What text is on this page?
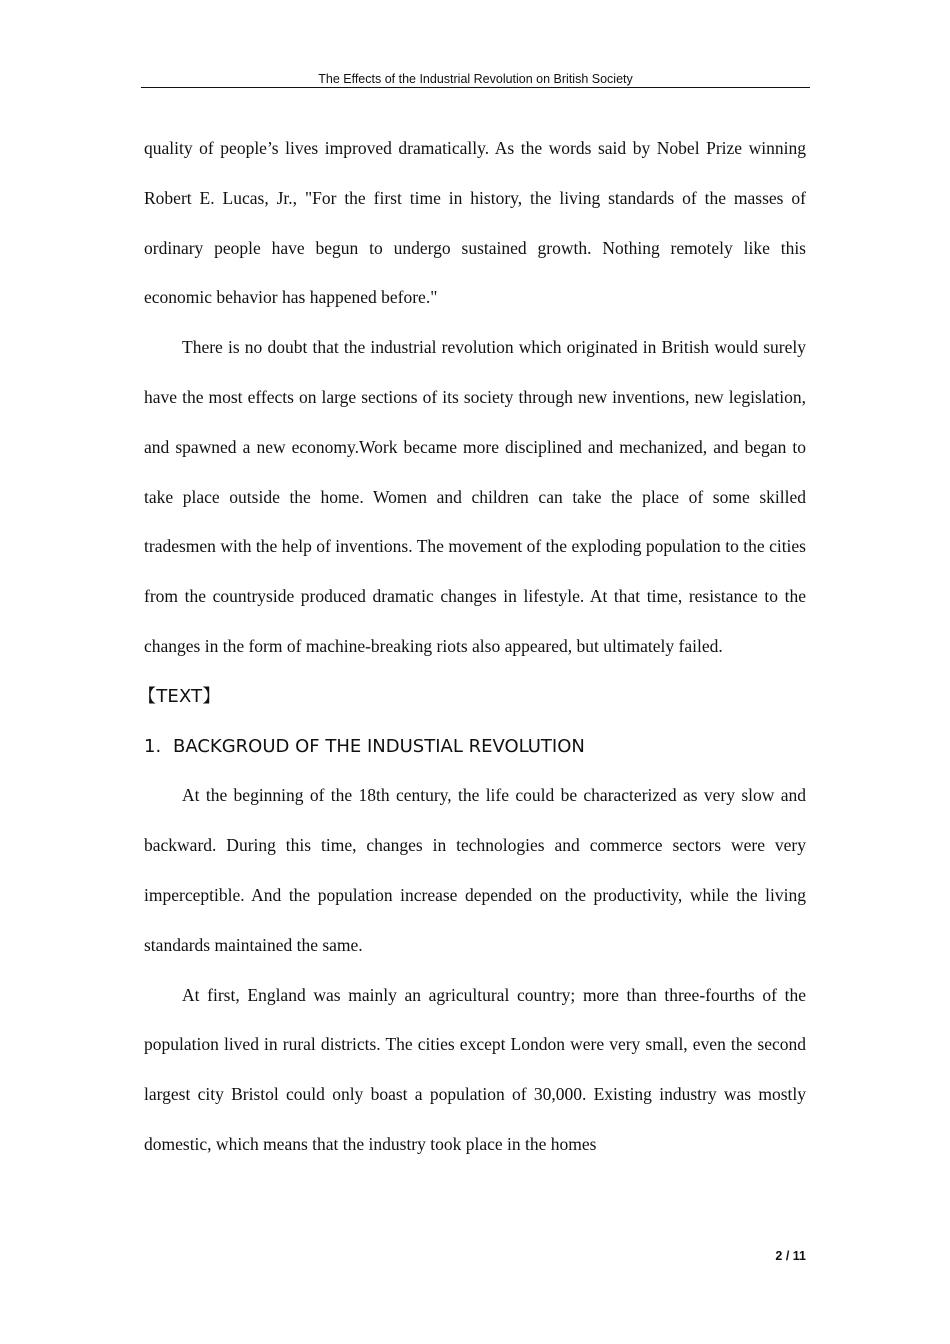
The Effects of the Industrial Revolution on British Society

quality of people’s lives improved dramatically. As the words said by Nobel Prize winning Robert E. Lucas, Jr., "For the first time in history, the living standards of the masses of ordinary people have begun to undergo sustained growth. Nothing remotely like this economic behavior has happened before."

There is no doubt that the industrial revolution which originated in British would surely have the most effects on large sections of its society through new inventions, new legislation, and spawned a new economy.Work became more disciplined and mechanized, and began to take place outside the home. Women and children can take the place of some skilled tradesmen with the help of inventions. The movement of the exploding population to the cities from the countryside produced dramatic changes in lifestyle. At that time, resistance to the changes in the form of machine-breaking riots also appeared, but ultimately failed.

【TEXT】

1. BACKGROUD OF THE INDUSTIAL REVOLUTION

At the beginning of the 18th century, the life could be characterized as very slow and backward. During this time, changes in technologies and commerce sectors were very imperceptible. And the population increase depended on the productivity, while the living standards maintained the same.

At first, England was mainly an agricultural country; more than three-fourths of the population lived in rural districts. The cities except London were very small, even the second largest city Bristol could only boast a population of 30,000. Existing industry was mostly domestic, which means that the industry took place in the homes

2 / 11
